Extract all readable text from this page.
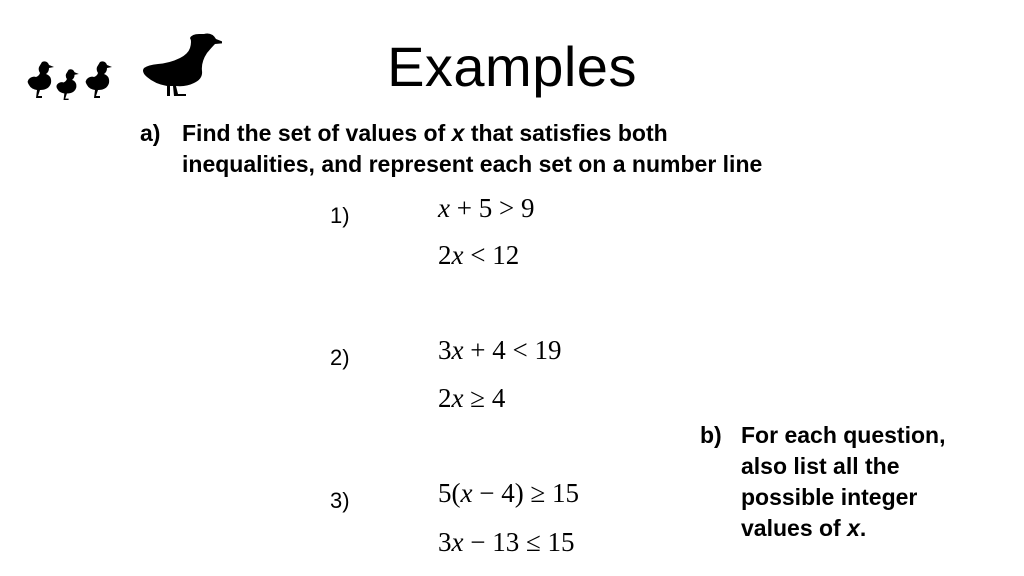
Examples
a) Find the set of values of x that satisfies both
inequalities, and represent each set on a number line
1)	x + 5 > 9
2x < 12
2)	3x + 4 < 19
2x ≥ 4
3)	5(x − 4) ≥ 15
3x − 13 ≤ 15
b) For each question,
also list all the
possible integer
values of x.
